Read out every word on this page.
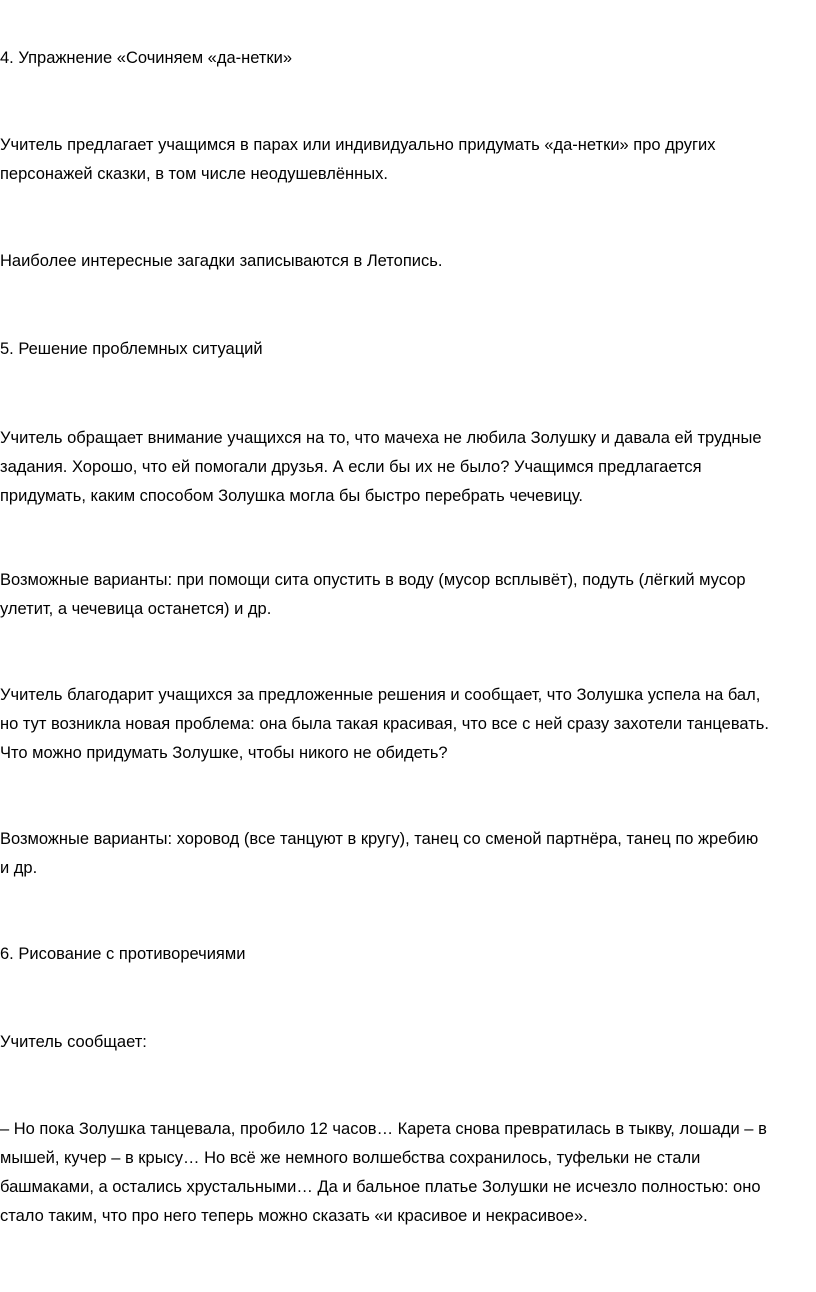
4. Упражнение «Сочиняем «да-нетки»

Учитель предлагает учащимся в парах или индивидуально придумать «да-нетки» про других
персонажей сказки, в том числе неодушевлённых.

Наиболее интересные загадки записываются в Летопись.

5. Решение проблемных ситуаций

Учитель обращает внимание учащихся на то, что мачеха не любила Золушку и давала ей трудные
задания. Хорошо, что ей помогали друзья. А если бы их не было? Учащимся предлагается
придумать, каким способом Золушка могла бы быстро перебрать чечевицу.

Возможные варианты: при помощи сита опустить в воду (мусор всплывёт), подуть (лёгкий мусор
улетит, а чечевица останется) и др.

Учитель благодарит учащихся за предложенные решения и сообщает, что Золушка успела на бал,
но тут возникла новая проблема: она была такая красивая, что все с ней сразу захотели танцевать.
Что можно придумать Золушке, чтобы никого не обидеть?

Возможные варианты: хоровод (все танцуют в кругу), танец со сменой партнёра, танец по жребию
и др.

6. Рисование с противоречиями

Учитель сообщает:

– Но пока Золушка танцевала, пробило 12 часов… Карета снова превратилась в тыкву, лошади – в
мышей, кучер – в крысу… Но всё же немного волшебства сохранилось, туфельки не стали
башмаками, а остались хрустальными… Да и бальное платье Золушки не исчезло полностью: оно
стало таким, что про него теперь можно сказать «и красивое и некрасивое».
